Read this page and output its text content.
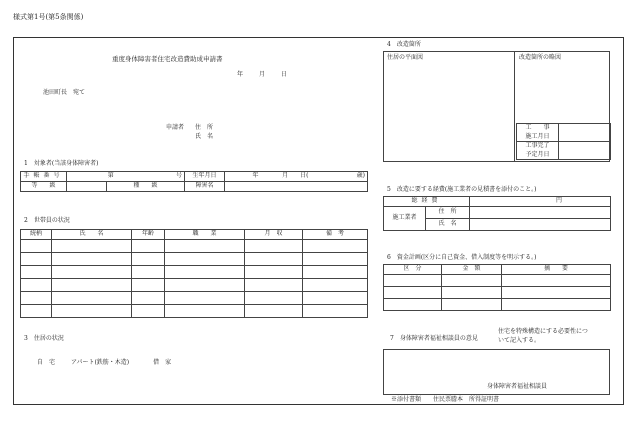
様式第1号(第5条関係)
重度身体障害者住宅改造費助成申請書
年	月	日
池田町長　宛て
申請者 住　所
氏　名
1　対象者(当該身体障害者)
手帳番号	第		号	生年月日	年	月　　 日(	歳)
等　　級		種　　級		障害名			
2　世帯員の状況
続柄	氏　　名	年齢	職　　業	月　収	備　考

3　住居の状況
自　宅	アパート(鉄筋・木造)	借　家
4　改造箇所
住居の平面図	改造箇所の略図
工　　事
施工月日	
工事完了
予定月日	
5　改造に要する経費(施工業者の見積書を添付のこと。)
総経費		円
施工業者	住　所	
	氏　名	
6　資金計画(区分に自己資金、借入制度等を明示する。)
区　分	金　額	摘　　要

7　身体障害者福祉相談員の意見
住宅を特殊構造にする必要性につ
いて記入する。
身体障害者福祉相談員
※添付書類　　住民票謄本　所得証明書
